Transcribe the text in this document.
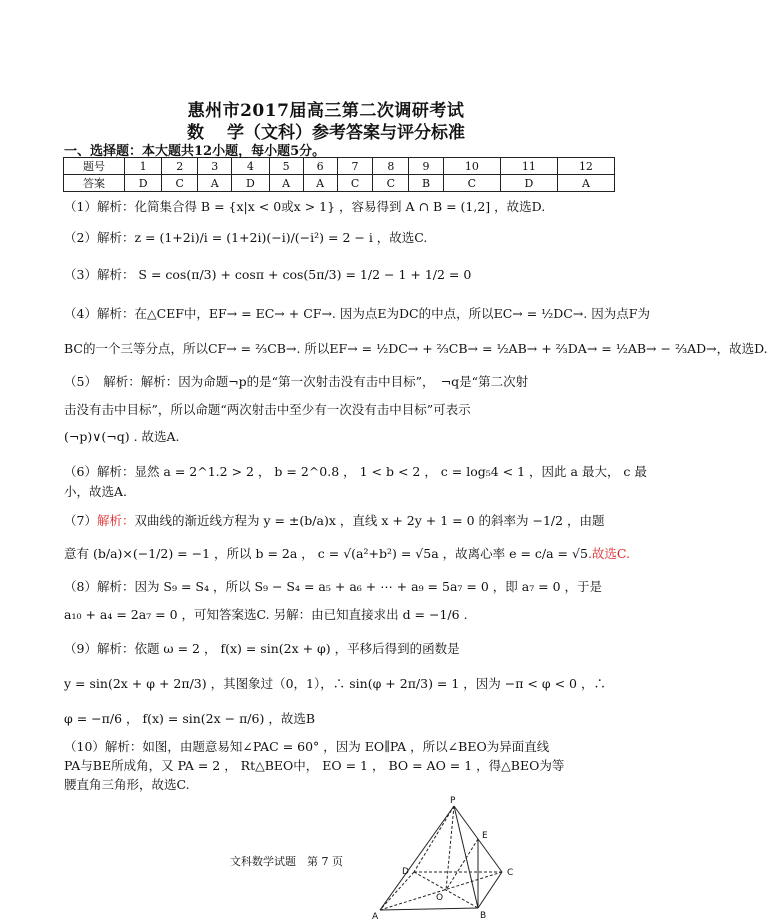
惠州市2017届高三第二次调研考试
数　 学（文科）参考答案与评分标准
一、选择题：本大题共12小题，每小题5分。
题号	1	2	3	4	5	6	7	8	9	10	11	12
答案	D	C	A	D	A	A	C	C	B	C	D	A
（1）解析：化简集合得 B = {x|x < 0或x > 1} ，容易得到 A ∩ B = (1,2] ，故选D.
（2）解析：z = (1+2i)/i = (1+2i)(−i)/(−i²) = 2 − i ，故选C.
（3）解析： S = cos(π/3) + cosπ + cos(5π/3) = 1/2 − 1 + 1/2 = 0
（4）解析：在△CEF中，EF→ = EC→ + CF→. 因为点E为DC的中点，所以EC→ = ½DC→. 因为点F为
BC的一个三等分点，所以CF→ = ⅔CB→. 所以EF→ = ½DC→ + ⅔CB→ = ½AB→ + ⅔DA→ = ½AB→ − ⅔AD→，故选D.
（5）　解析：解析：因为命题¬p的是“第一次射击没有击中目标”，　¬q是“第二次射
击没有击中目标”，所以命题“两次射击中至少有一次没有击中目标”可表示
(¬p)∨(¬q) . 故选A.
（6）解析：显然 a = 2^1.2 > 2 ， b = 2^0.8 ， 1 < b < 2 ， c = log₅4 < 1 ，因此 a 最大， c 最
小，故选A.
（7）解析：双曲线的渐近线方程为 y = ±(b/a)x ，直线 x + 2y + 1 = 0 的斜率为 −1/2 ，由题
意有 (b/a)×(−1/2) = −1 ，所以 b = 2a ， c = √(a²+b²) = √5a ，故离心率 e = c/a = √5.故选C.
（8）解析：因为 S₉ = S₄ ，所以 S₉ − S₄ = a₅ + a₆ + ⋯ + a₉ = 5a₇ = 0 ，即 a₇ = 0 ，于是
a₁₀ + a₄ = 2a₇ = 0 ，可知答案选C. 另解：由已知直接求出 d = −1/6 .
（9）解析：依题 ω = 2 ， f(x) = sin(2x + φ) ，平移后得到的函数是
y = sin(2x + φ + 2π/3) ，其图象过（0，1），∴ sin(φ + 2π/3) = 1 ，因为 −π < φ < 0 ，∴
φ = −π/6 ， f(x) = sin(2x − π/6) ，故选B
（10）解析：如图，由题意易知∠PAC = 60° ，因为 EO∥PA ，所以∠BEO为异面直线
PA与BE所成角，又 PA = 2 ， Rt△BEO中， EO = 1 ， BO = AO = 1 ，得△BEO为等
腰直角三角形，故选C.
文科数学试题　第 7 页
P
E
D	C
O
A	B
